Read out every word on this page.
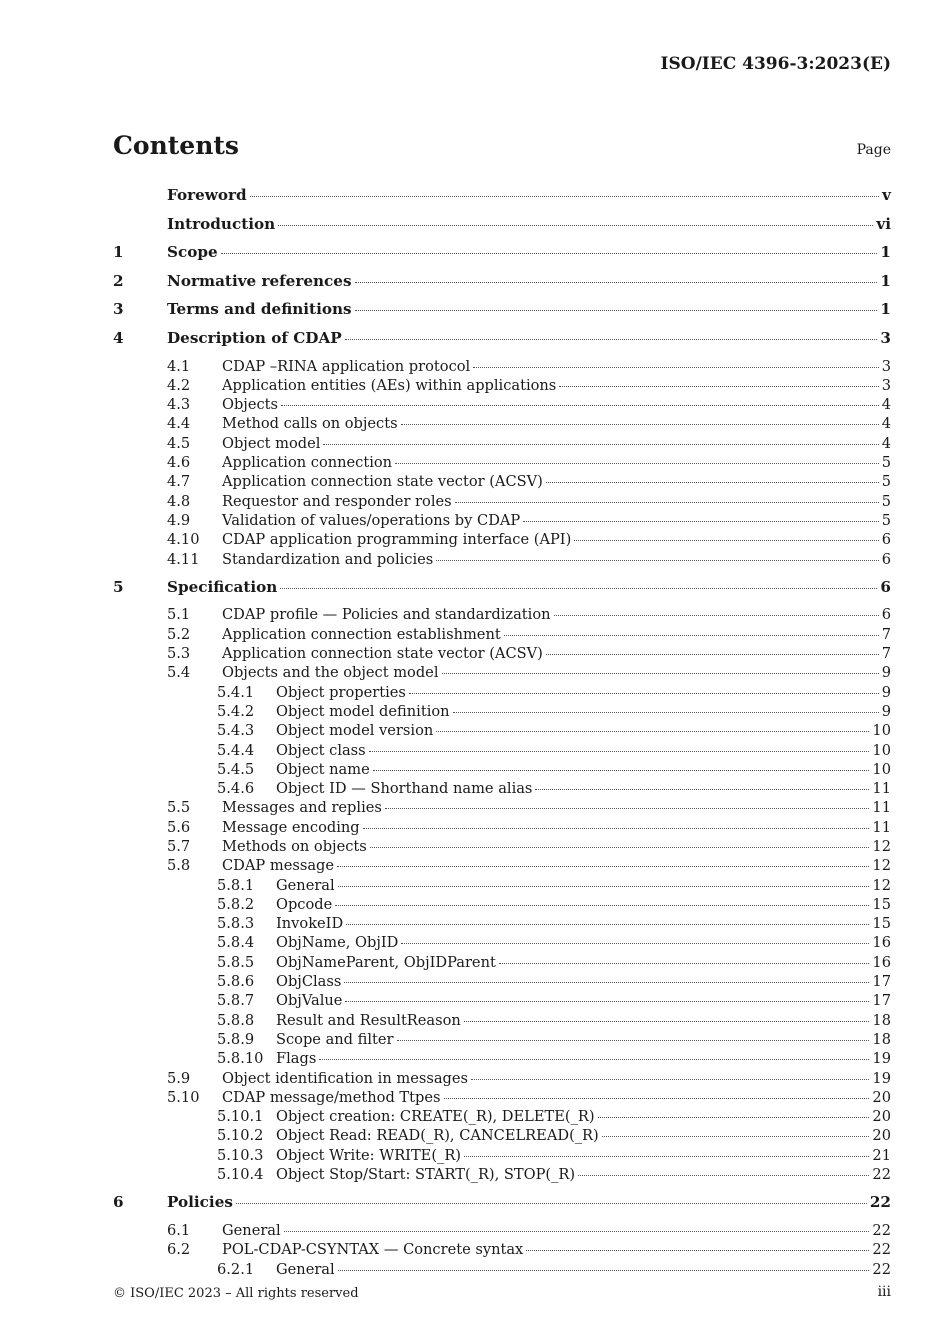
ISO/IEC 4396-3:2023(E)
Contents	Page
Foreword	v
Introduction	vi
1	Scope	1
2	Normative references	1
3	Terms and definitions	1
4	Description of CDAP	3
4.1	CDAP –RINA application protocol	3
4.2	Application entities (AEs) within applications	3
4.3	Objects	4
4.4	Method calls on objects	4
4.5	Object model	4
4.6	Application connection	5
4.7	Application connection state vector (ACSV)	5
4.8	Requestor and responder roles	5
4.9	Validation of values/operations by CDAP	5
4.10	CDAP application programming interface (API)	6
4.11	Standardization and policies	6
5	Specification	6
5.1	CDAP profile — Policies and standardization	6
5.2	Application connection establishment	7
5.3	Application connection state vector (ACSV)	7
5.4	Objects and the object model	9
5.4.1	Object properties	9
5.4.2	Object model definition	9
5.4.3	Object model version	10
5.4.4	Object class	10
5.4.5	Object name	10
5.4.6	Object ID — Shorthand name alias	11
5.5	Messages and replies	11
5.6	Message encoding	11
5.7	Methods on objects	12
5.8	CDAP message	12
5.8.1	General	12
5.8.2	Opcode	15
5.8.3	InvokeID	15
5.8.4	ObjName, ObjID	16
5.8.5	ObjNameParent, ObjIDParent	16
5.8.6	ObjClass	17
5.8.7	ObjValue	17
5.8.8	Result and ResultReason	18
5.8.9	Scope and filter	18
5.8.10 Flags	19
5.9	Object identification in messages	19
5.10	CDAP message/method Ttpes	20
5.10.1 Object creation: CREATE(_R), DELETE(_R)	20
5.10.2 Object Read: READ(_R), CANCELREAD(_R)	20
5.10.3 Object Write: WRITE(_R)	21
5.10.4 Object Stop/Start: START(_R), STOP(_R)	22
6	Policies	22
6.1	General	22
6.2	POL-CDAP-CSYNTAX — Concrete syntax	22
6.2.1	General	22
© ISO/IEC 2023 – All rights reserved	iii
